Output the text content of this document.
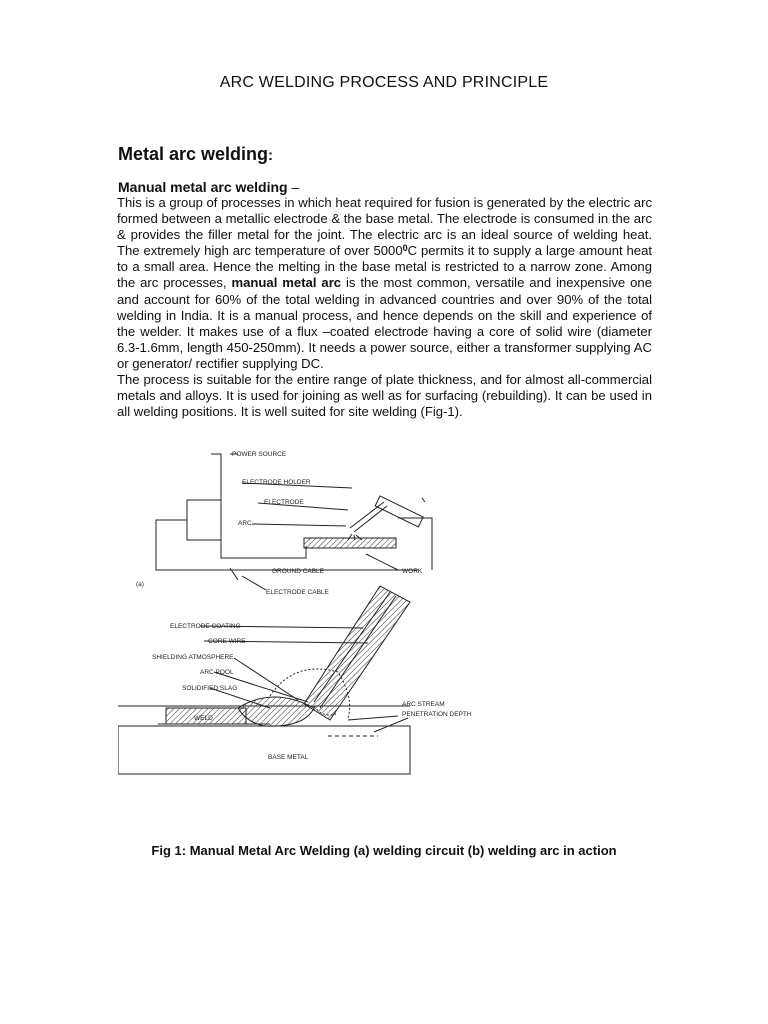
ARC WELDING PROCESS AND PRINCIPLE
Metal arc welding:
Manual metal arc welding –

This is a group of processes in which heat required for fusion is generated by the electric arc formed between a metallic electrode & the base metal. The electrode is consumed in the arc & provides the filler metal for the joint. The electric arc is an ideal source of welding heat. The extremely high arc temperature of over 5000$^0$C permits it to supply a large amount heat to a small area. Hence the melting in the base metal is restricted to a narrow zone. Among the arc processes, manual metal arc is the most common, versatile and inexpensive one and account for 60% of the total welding in advanced countries and over 90% of the total welding in India. It is a manual process, and hence depends on the skill and experience of the welder. It makes use of a flux –coated electrode having a core of solid wire (diameter 6.3-1.6mm, length 450-250mm). It needs a power source, either a transformer supplying AC or generator/ rectifier supplying DC.

The process is suitable for the entire range of plate thickness, and for almost all-commercial metals and alloys. It is used for joining as well as for surfacing (rebuilding). It can be used in all welding positions. It is well suited for site welding (Fig-1).

POWER SOURCE
ELECTRODE HOLDER
ELECTRODE
ARC
GROUND CABLE	WORK
ELECTRODE CABLE
(a)
ELECTRODE COATING
CORE WIRE
SHIELDING ATMOSPHERE
ARC POOL
SOLIDIFIED SLAG
ARC STREAM
PENETRATION DEPTH
WELD
BASE METAL
Fig 1: Manual Metal Arc Welding (a) welding circuit (b) welding arc in action
